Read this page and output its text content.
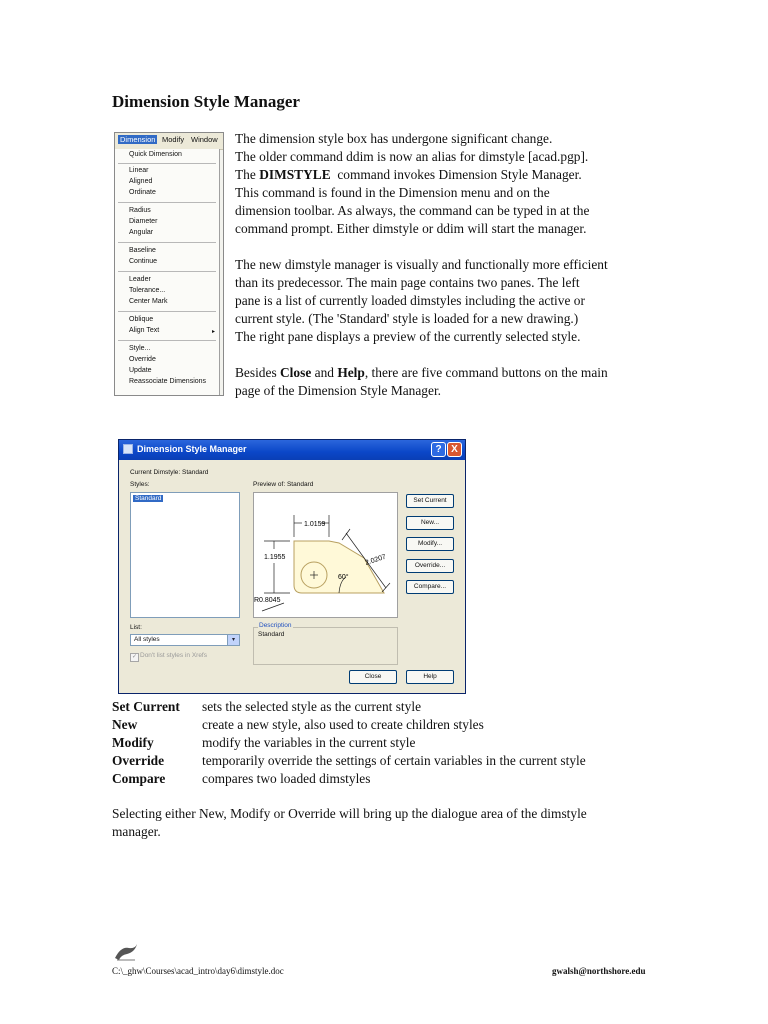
Dimension Style Manager
Dimension Modify Window
Quick Dimension
Linear
Aligned
Ordinate
Radius
Diameter
Angular
Baseline
Continue
Leader
Tolerance...
Center Mark
Oblique
Align Text	▸
Style...
Override
Update
Reassociate Dimensions

The dimension style box has undergone significant change.

The older command ddim is now an alias for dimstyle [acad.pgp].

The DIMSTYLE command invokes Dimension Style Manager.

This command is found in the Dimension menu and on the

dimension toolbar. As always, the command can be typed in at the

command prompt. Either dimstyle or ddim will start the manager.

The new dimstyle manager is visually and functionally more efficient

than its predecessor. The main page contains two panes. The left

pane is a list of currently loaded dimstyles including the active or

current style. (The 'Standard' style is loaded for a new drawing.)

The right pane displays a preview of the currently selected style.

Besides Close and Help, there are five command buttons on the main

page of the Dimension Style Manager.

Dimension Style Manager	? X
Current Dimstyle: Standard
Styles:
Standard
Preview of: Standard
1.0159
1.1955	2.0207
60°
R0.8045
List:
All styles	▾
✓ Don't list styles in Xrefs
Description
Standard
Set Current
New...
Modify...
Override...
Compare...
Close	Help
Set Current sets the selected style as the current style
New	create a new style, also used to create children styles
Modify	modify the variables in the current style
Override	temporarily override the settings of certain variables in the current style
Compare	compares two loaded dimstyles
Selecting either New, Modify or Override will bring up the dialogue area of the dimstyle
manager.
C:\_ghw\Courses\acad_intro\day6\dimstyle.doc	gwalsh@northshore.edu
